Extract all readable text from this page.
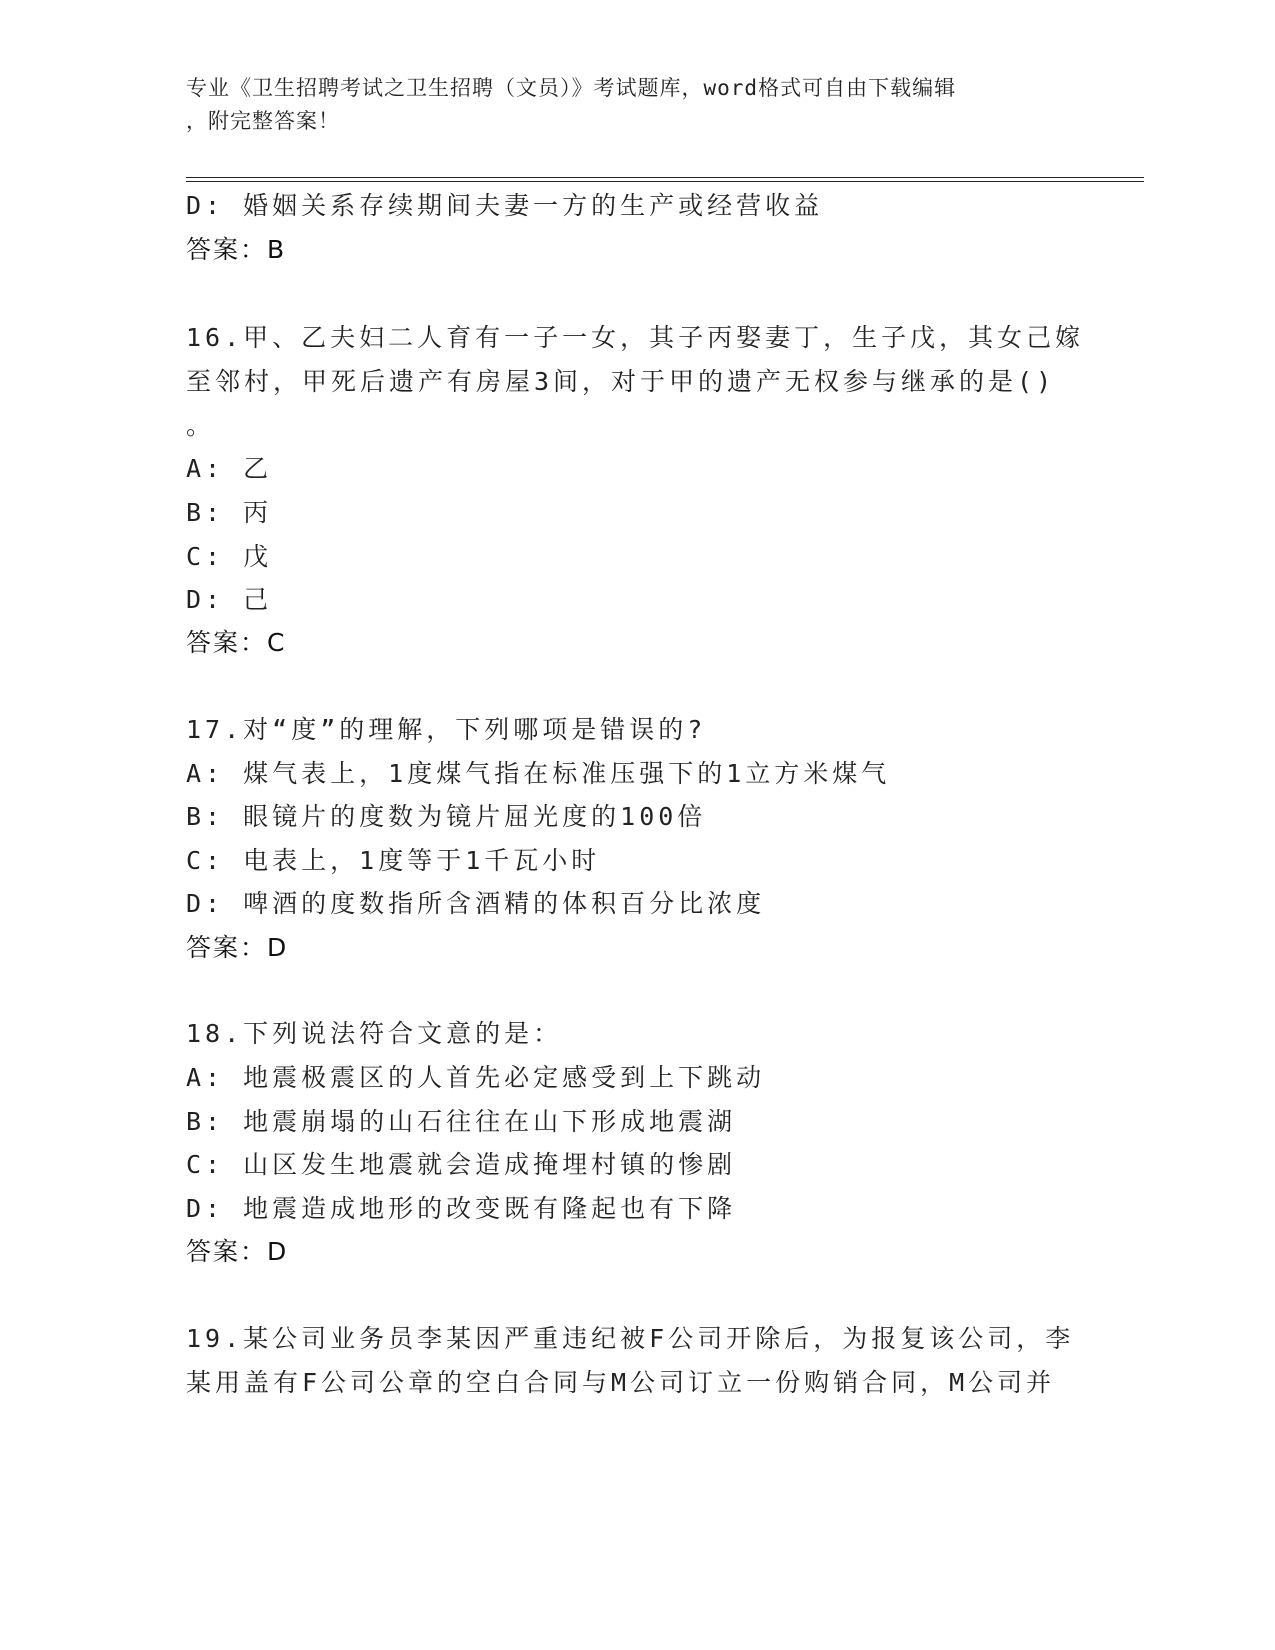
专业《卫生招聘考试之卫生招聘（文员）》考试题库，word格式可自由下载编辑
，附完整答案！
D: 婚姻关系存续期间夫妻一方的生产或经营收益
答案：B
16.甲、乙夫妇二人育有一子一女，其子丙娶妻丁，生子戊，其女己嫁
至邻村，甲死后遗产有房屋3间，对于甲的遗产无权参与继承的是()
。
A: 乙
B: 丙
C: 戊
D: 己
答案：C
17.对“度”的理解，下列哪项是错误的?
A: 煤气表上，1度煤气指在标准压强下的1立方米煤气
B: 眼镜片的度数为镜片屈光度的100倍
C: 电表上，1度等于1千瓦小时
D: 啤酒的度数指所含酒精的体积百分比浓度
答案：D
18.下列说法符合文意的是：
A: 地震极震区的人首先必定感受到上下跳动
B: 地震崩塌的山石往往在山下形成地震湖
C: 山区发生地震就会造成掩埋村镇的惨剧
D: 地震造成地形的改变既有隆起也有下降
答案：D
19.某公司业务员李某因严重违纪被F公司开除后，为报复该公司，李
某用盖有F公司公章的空白合同与M公司订立一份购销合同，M公司并
